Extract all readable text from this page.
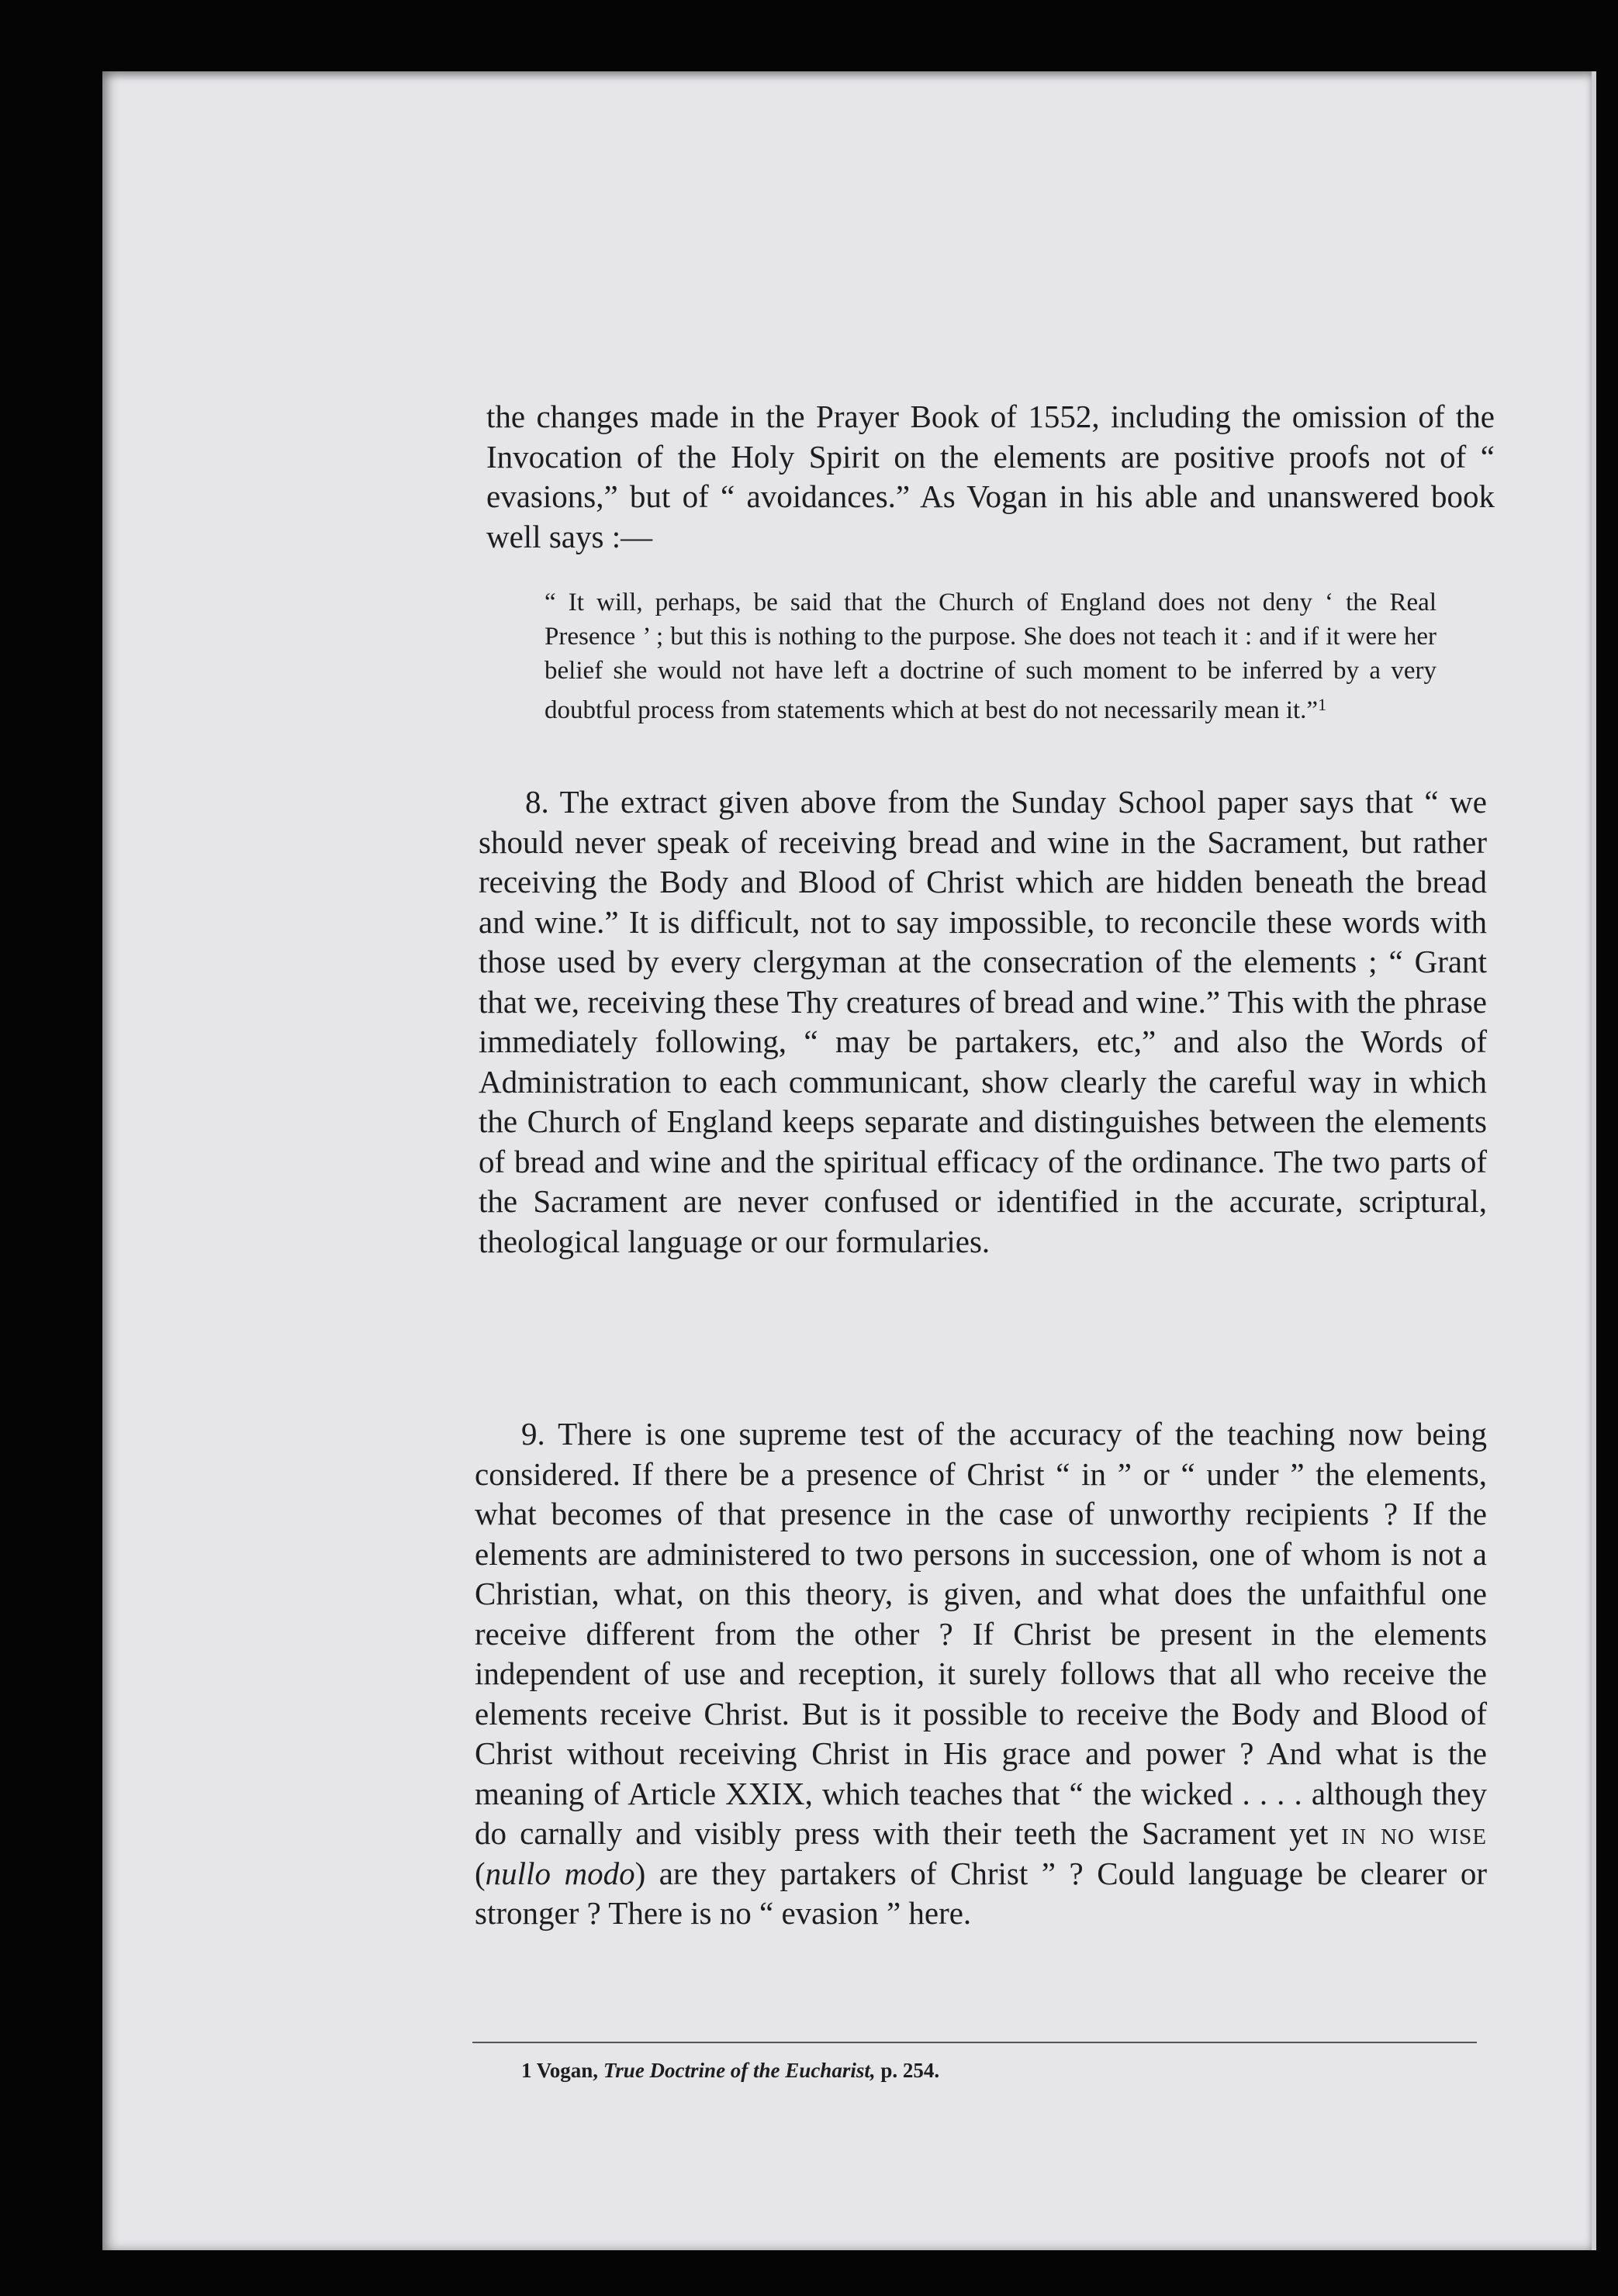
the changes made in the Prayer Book of 1552, including the omission of the Invocation of the Holy Spirit on the elements are positive proofs not of “ evasions,” but of “ avoidances.” As Vogan in his able and unanswered book well says :—

“ It will, perhaps, be said that the Church of England does not deny ‘ the Real Presence ’ ; but this is nothing to the purpose. She does not teach it : and if it were her belief she would not have left a doctrine of such moment to be inferred by a very doubtful process from statements which at best do not necessarily mean it.”$^1$

8. The extract given above from the Sunday School paper says that “ we should never speak of receiving bread and wine in the Sacrament, but rather receiving the Body and Blood of Christ which are hidden beneath the bread and wine.” It is difficult, not to say impossible, to reconcile these words with those used by every clergyman at the consecration of the elements ; “ Grant that we, receiving these Thy creatures of bread and wine.” This with the phrase immediately following, “ may be partakers, etc,” and also the Words of Administration to each communicant, show clearly the careful way in which the Church of England keeps separate and distinguishes between the elements of bread and wine and the spiritual efficacy of the ordinance. The two parts of the Sacrament are never confused or identified in the accurate, scriptural, theological language or our formularies.

9. There is one supreme test of the accuracy of the teaching now being considered. If there be a presence of Christ “ in ” or “ under ” the elements, what becomes of that presence in the case of unworthy recipients ? If the elements are administered to two persons in succession, one of whom is not a Christian, what, on this theory, is given, and what does the unfaithful one receive different from the other ? If Christ be present in the elements independent of use and reception, it surely follows that all who receive the elements receive Christ. But is it possible to receive the Body and Blood of Christ without receiving Christ in His grace and power ? And what is the meaning of Article XXIX, which teaches that “ the wicked . . . . although they do carnally and visibly press with their teeth the Sacrament yet in no wise (nullo modo) are they partakers of Christ ” ? Could language be clearer or stronger ? There is no “ evasion ” here.

1 Vogan, True Doctrine of the Eucharist, p. 254.
